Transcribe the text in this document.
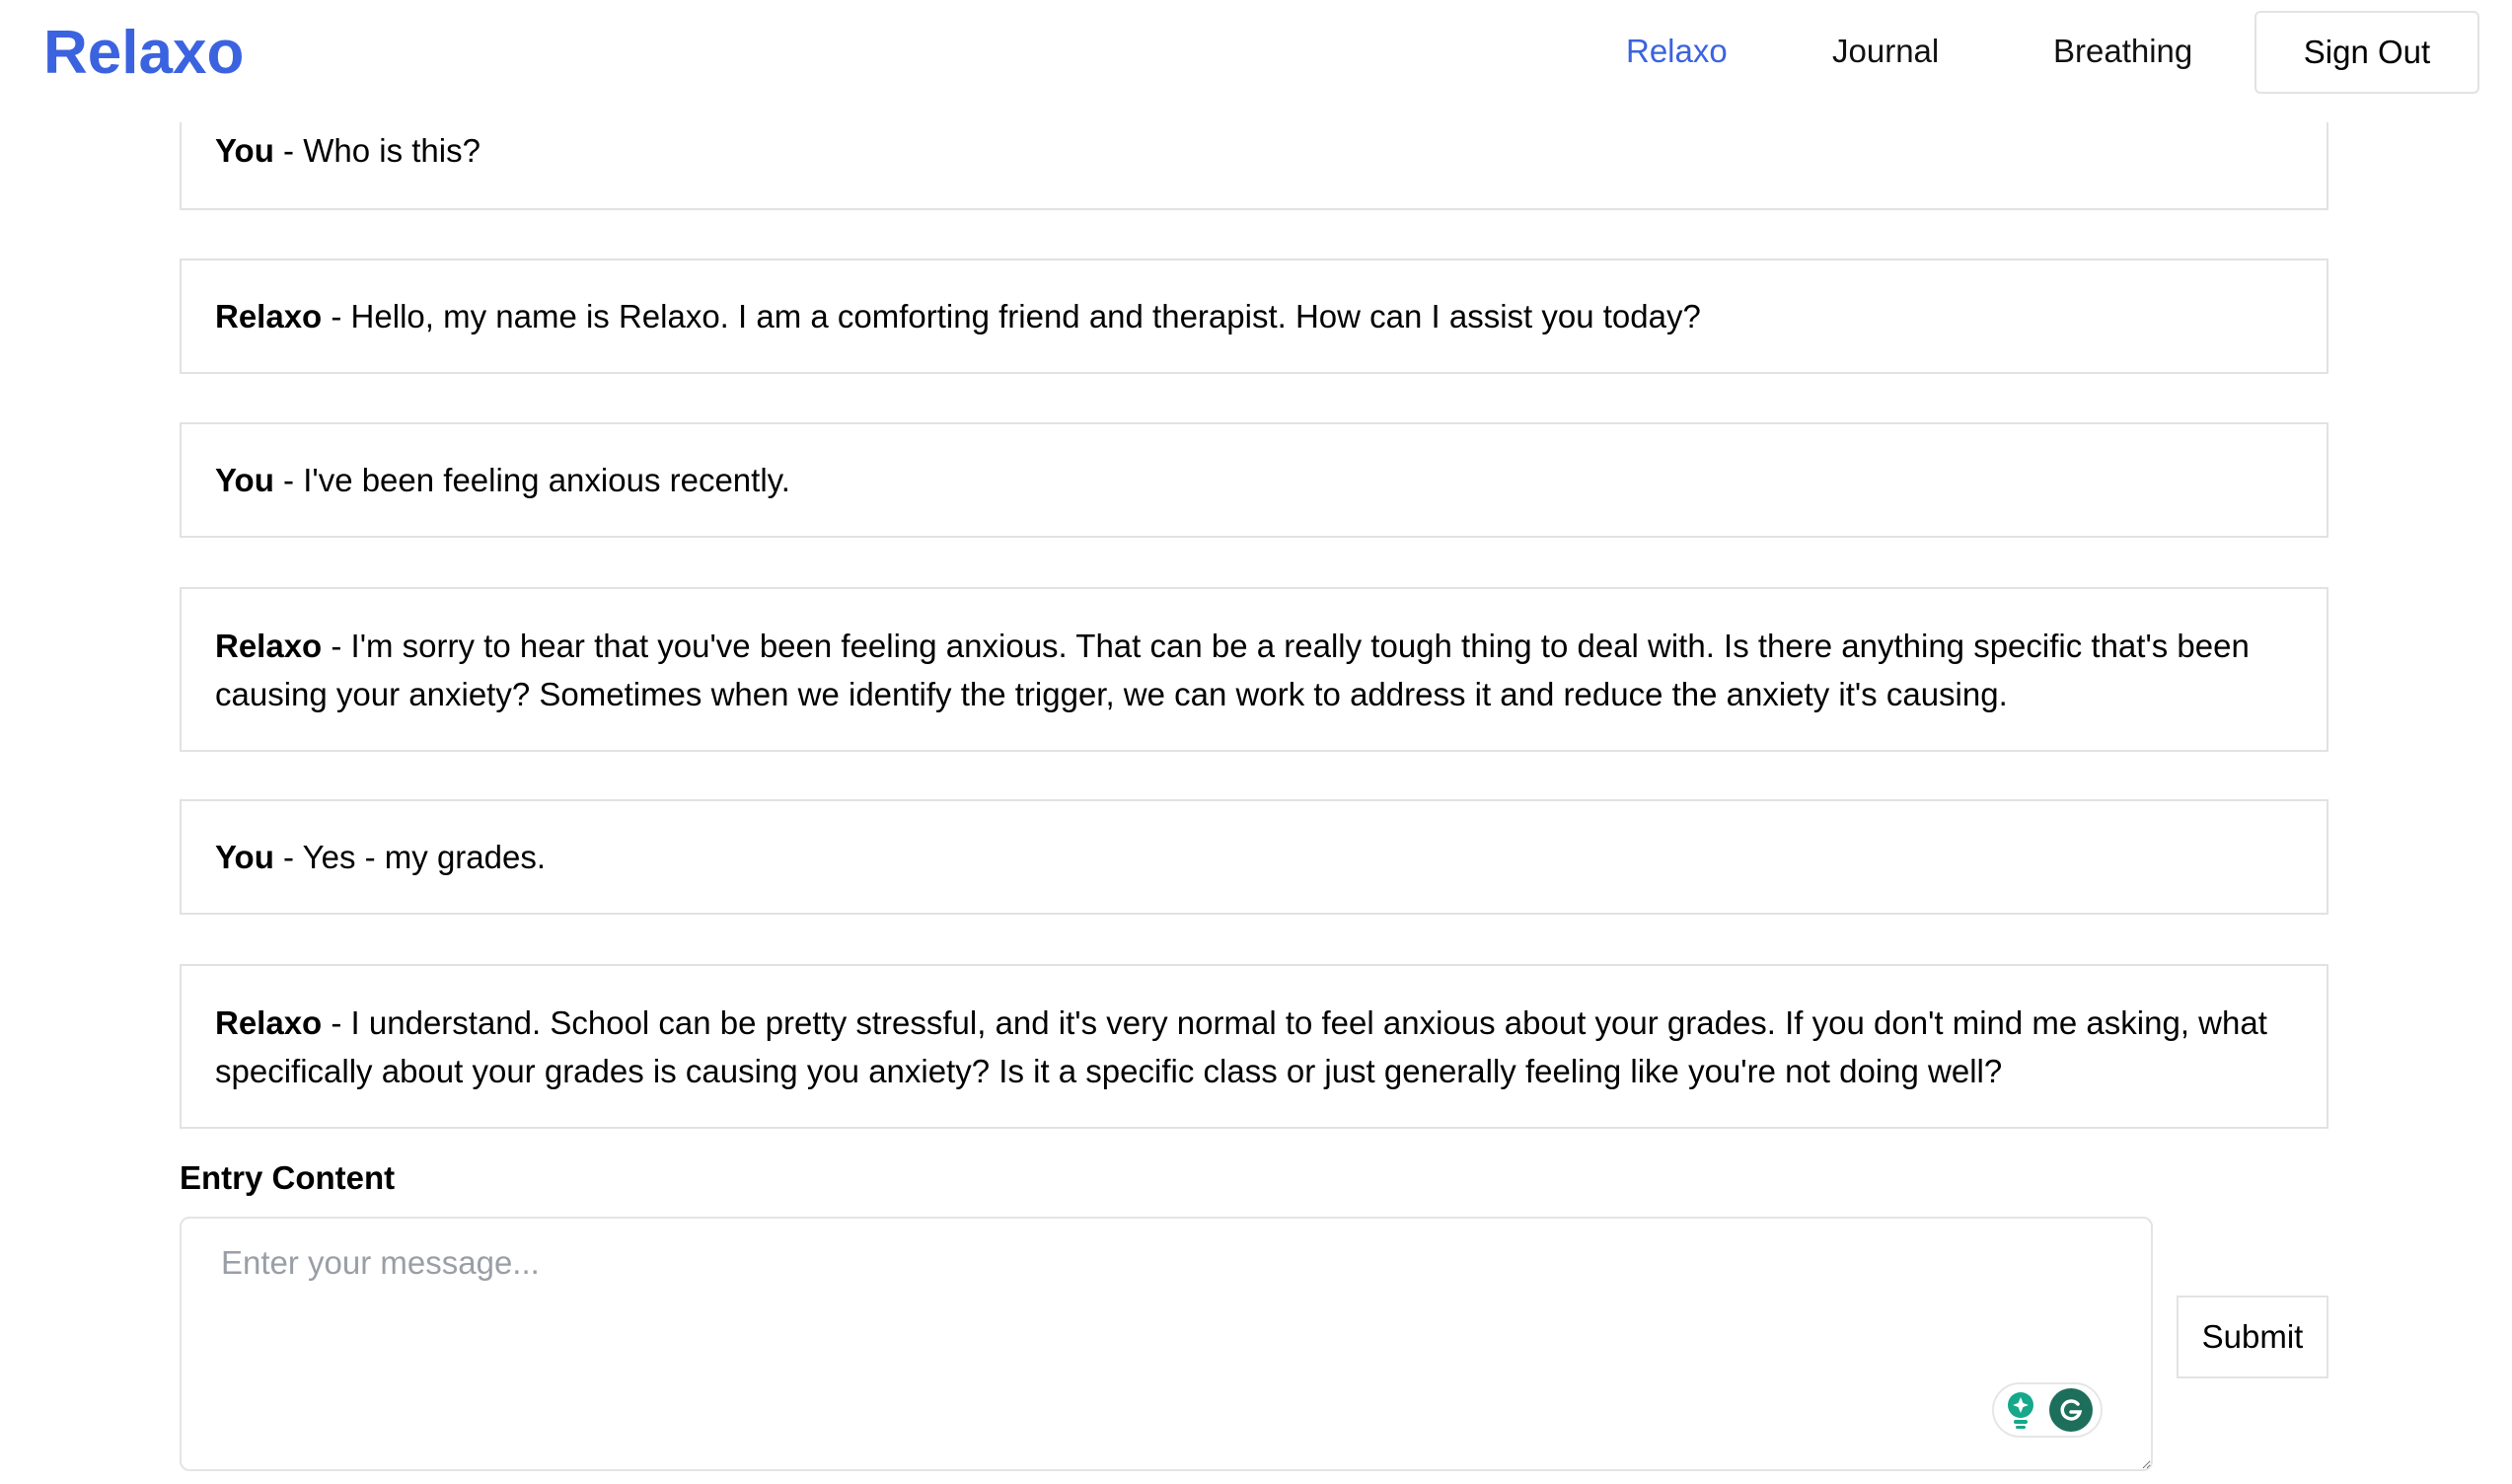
Relaxo	Relaxo	Journal	Breathing	Sign Out
You - Who is this?
Relaxo - Hello, my name is Relaxo. I am a comforting friend and therapist. How can I assist you today?
You - I've been feeling anxious recently.
Relaxo - I'm sorry to hear that you've been feeling anxious. That can be a really tough thing to deal with. Is there anything specific that's been causing your anxiety? Sometimes when we identify the trigger, we can work to address it and reduce the anxiety it's causing.
You - Yes - my grades.
Relaxo - I understand. School can be pretty stressful, and it's very normal to feel anxious about your grades. If you don't mind me asking, what specifically about your grades is causing you anxiety? Is it a specific class or just generally feeling like you're not doing well?
Entry Content
Enter your message...
Submit
